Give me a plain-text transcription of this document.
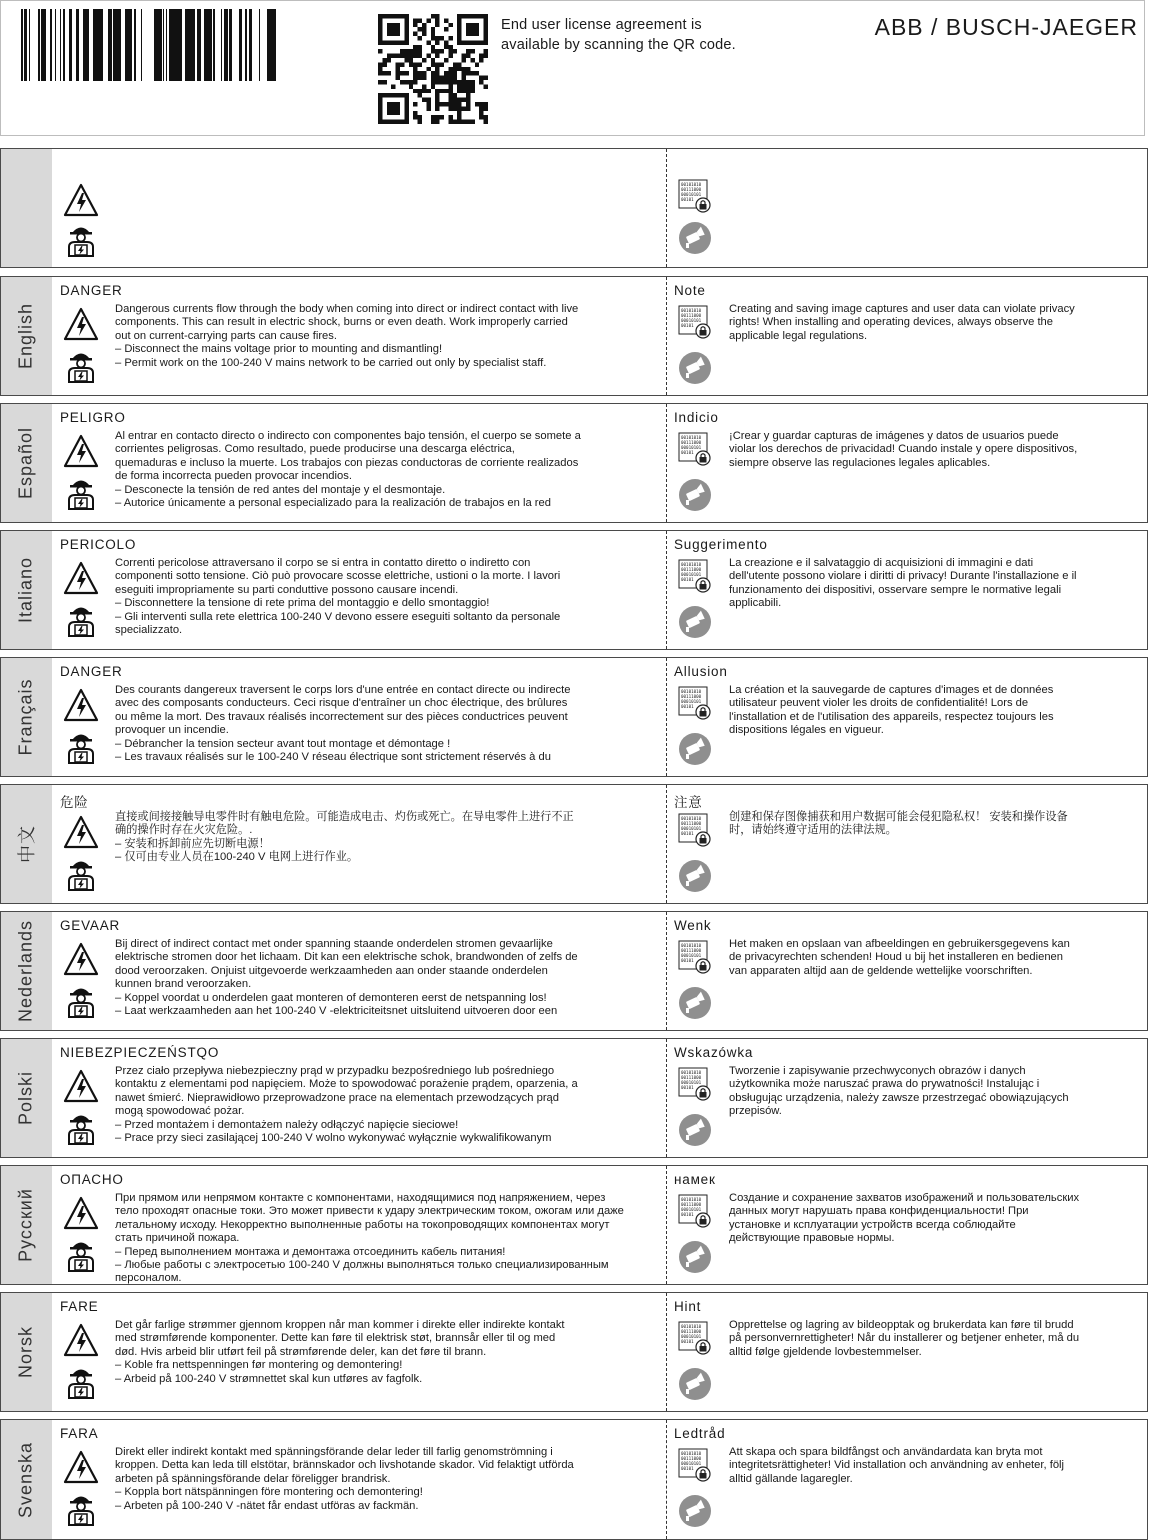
End user license agreement is
available by scanning the QR code.
ABB / BUSCH-JAEGER
00101010
00111000
00010101
00101
English
DANGER
Dangerous currents flow through the body when coming into direct or indirect contact with live
components. This can result in electric shock, burns or even death. Work improperly carried
out on current-carrying parts can cause fires.
– Disconnect the mains voltage prior to mounting and dismantling!
– Permit work on the 100-240 V mains network to be carried out only by specialist staff.
Note
Creating and saving image captures and user data can violate privacy
rights! When installing and operating devices, always observe the
applicable legal regulations.
00101010
00111000
00010101
00101
Español
PELIGRO
Al entrar en contacto directo o indirecto con componentes bajo tensión, el cuerpo se somete a
corrientes peligrosas. Como resultado, puede producirse una descarga eléctrica,
quemaduras e incluso la muerte. Los trabajos con piezas conductoras de corriente realizados
de forma incorrecta pueden provocar incendios.
– Desconecte la tensión de red antes del montaje y el desmontaje.
– Autorice únicamente a personal especializado para la realización de trabajos en la red
Indicio
¡Crear y guardar capturas de imágenes y datos de usuarios puede
violar los derechos de privacidad! Cuando instale y opere dispositivos,
siempre observe las regulaciones legales aplicables.
00101010
00111000
00010101
00101
Italiano
PERICOLO
Correnti pericolose attraversano il corpo se si entra in contatto diretto o indiretto con
componenti sotto tensione. Ciò può provocare scosse elettriche, ustioni o la morte. I lavori
eseguiti impropriamente su parti conduttive possono causare incendi.
– Disconnettere la tensione di rete prima del montaggio e dello smontaggio!
– Gli interventi sulla rete elettrica 100-240 V devono essere eseguiti soltanto da personale
specializzato.
Suggerimento
La creazione e il salvataggio di acquisizioni di immagini e dati
dell'utente possono violare i diritti di privacy! Durante l'installazione e il
funzionamento dei dispositivi, osservare sempre le normative legali
applicabili.
00101010
00111000
00010101
00101
Français
DANGER
Des courants dangereux traversent le corps lors d'une entrée en contact directe ou indirecte
avec des composants conducteurs. Ceci risque d'entraîner un choc électrique, des brûlures
ou même la mort. Des travaux réalisés incorrectement sur des pièces conductrices peuvent
provoquer un incendie.
– Débrancher la tension secteur avant tout montage et démontage !
– Les travaux réalisés sur le 100-240 V réseau électrique sont strictement réservés à du
Allusion
La création et la sauvegarde de captures d'images et de données
utilisateur peuvent violer les droits de confidentialité! Lors de
l'installation et de l'utilisation des appareils, respectez toujours les
dispositions légales en vigueur.
00101010
00111000
00010101
00101
中文
危险
直接或间接接触导电零件时有触电危险。可能造成电击、灼伤或死亡。在导电零件上进行不正
确的操作时存在火灾危险。.
– 安装和拆卸前应先切断电源！
– 仅可由专业人员在100-240 V 电网上进行作业。
注意
创建和保存图像捕获和用户数据可能会侵犯隐私权！ 安装和操作设备
时，请始终遵守适用的法律法规。
00101010
00111000
00010101
00101
Nederlands GEVAAR
Bij direct of indirect contact met onder spanning staande onderdelen stromen gevaarlijke
elektrische stromen door het lichaam. Dit kan een elektrische schok, brandwonden of zelfs de
dood veroorzaken. Onjuist uitgevoerde werkzaamheden aan onder staande onderdelen
kunnen brand veroorzaken.
– Koppel voordat u onderdelen gaat monteren of demonteren eerst de netspanning los!
– Laat werkzaamheden aan het 100-240 V -elektriciteitsnet uitsluitend uitvoeren door een
Wenk
Het maken en opslaan van afbeeldingen en gebruikersgegevens kan
de privacyrechten schenden! Houd u bij het installeren en bedienen
van apparaten altijd aan de geldende wettelijke voorschriften.
00101010
00111000
00010101
00101
Polski
NIEBEZPIECZEŃSTQO
Przez ciało przepływa niebezpieczny prąd w przypadku bezpośredniego lub pośredniego
kontaktu z elementami pod napięciem. Może to spowodować porażenie prądem, oparzenia, a
nawet śmierć. Nieprawidłowo przeprowadzone prace na elementach przewodzących prąd
mogą spowodować pożar.
– Przed montażem i demontażem należy odłączyć napięcie sieciowe!
– Prace przy sieci zasilającej 100-240 V wolno wykonywać wyłącznie wykwalifikowanym
Wskazówka
Tworzenie i zapisywanie przechwyconych obrazów i danych
użytkownika może naruszać prawa do prywatności! Instalując i
obsługując urządzenia, należy zawsze przestrzegać obowiązujących
przepisów.
00101010
00111000
00010101
00101
Русский
ОПАСНО
При прямом или непрямом контакте с компонентами, находящимися под напряжением, через
тело проходят опасные токи. Это может привести к удару электрическим током, ожогам или даже
летальному исходу. Некорректно выполненные работы на токопроводящих компонентах могут
стать причиной пожара.
– Перед выполнением монтажа и демонтажа отсоединить кабель питания!
– Любые работы с электросетью 100-240 V должны выполняться только специализированным
персоналом.
намек
Создание и сохранение захватов изображений и пользовательских
данных могут нарушать права конфиденциальности! При
установке и ксплуатации устройств всегда соблюдайте
действующие правовые нормы.
00101010
00111000
00010101
00101
Norsk
FARE
Det går farlige strømmer gjennom kroppen når man kommer i direkte eller indirekte kontakt
med strømførende komponenter. Dette kan føre til elektrisk støt, brannsår eller til og med
død. Hvis arbeid blir utført feil på strømførende deler, kan det føre til brann.
– Koble fra nettspenningen før montering og demontering!
– Arbeid på 100-240 V strømnettet skal kun utføres av fagfolk.
Hint
Opprettelse og lagring av bildeopptak og brukerdata kan føre til brudd
på personvernrettigheter! Når du installerer og betjener enheter, må du
alltid følge gjeldende lovbestemmelser.
00101010
00111000
00010101
00101
Svenska
FARA
Direkt eller indirekt kontakt med spänningsförande delar leder till farlig genomströmning i
kroppen. Detta kan leda till elstötar, brännskador och livshotande skador. Vid felaktigt utförda
arbeten på spänningsförande delar föreligger brandrisk.
– Koppla bort nätspänningen före montering och demontering!
– Arbeten på 100-240 V -nätet får endast utföras av fackmän.
Ledtråd
Att skapa och spara bildfångst och användardata kan bryta mot
integritetsrättigheter! Vid installation och användning av enheter, följ
alltid gällande lagaregler.
00101010
00111000
00010101
00101
